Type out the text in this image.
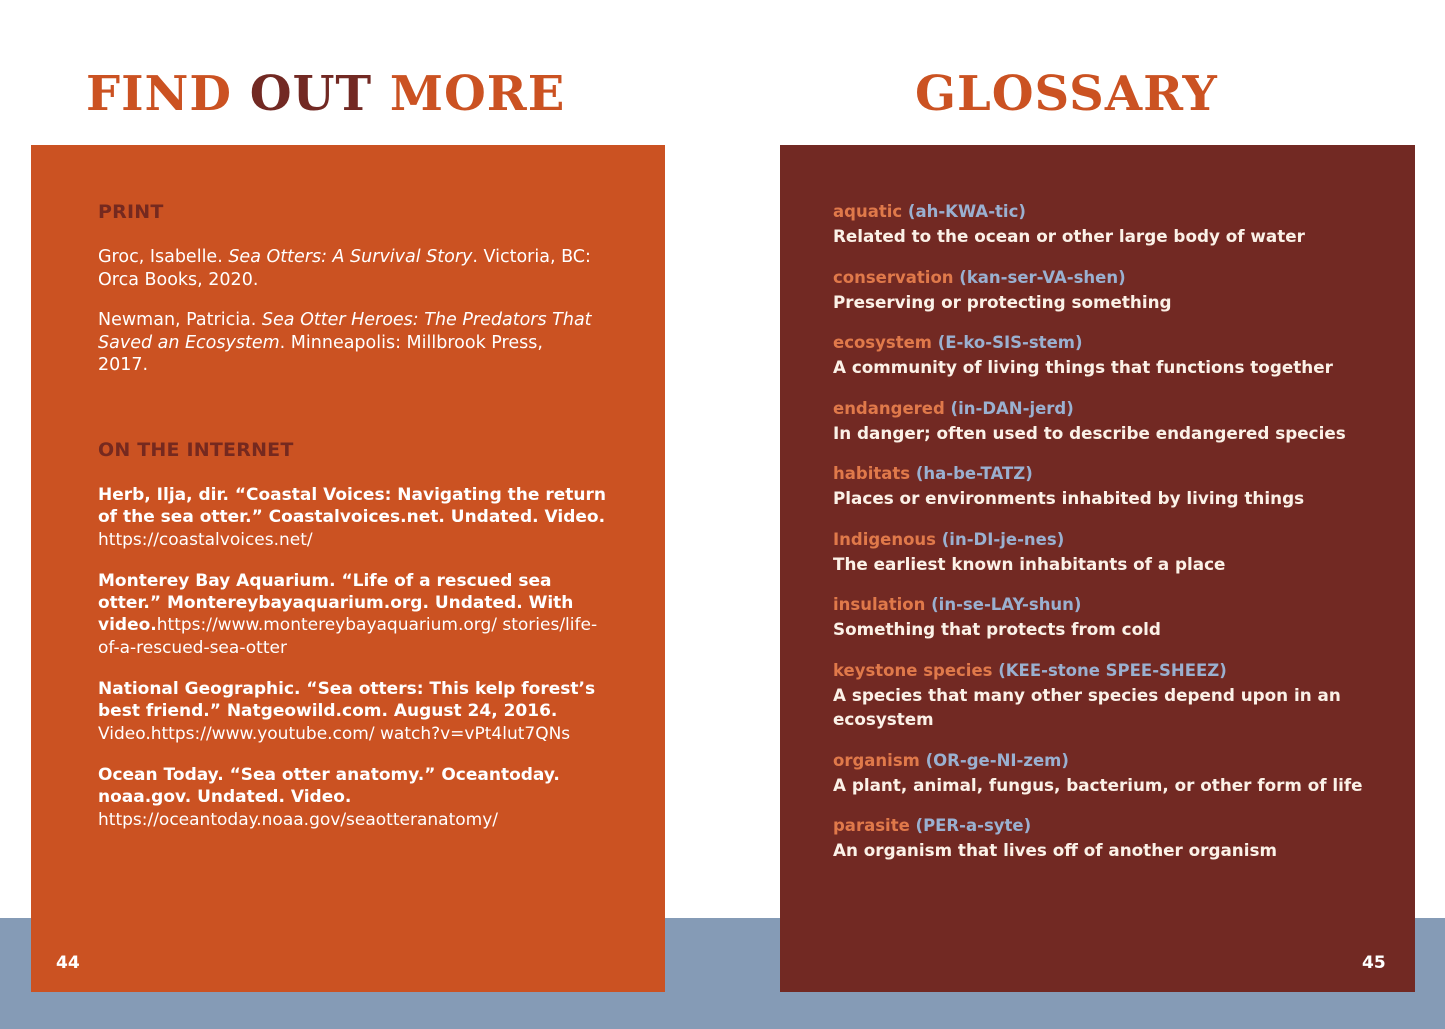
FIND OUT MORE
PRINT

Groc, Isabelle. Sea Otters: A Survival Story. Victoria, BC: Orca Books, 2020.

Newman, Patricia. Sea Otter Heroes: The Predators That Saved an Ecosystem. Minneapolis: Millbrook Press, 2017.

ON THE INTERNET

Herb, Ilja, dir. “Coastal Voices: Navigating the return of the sea otter.” Coastalvoices.net. Undated. Video. https://coastalvoices.net/

Monterey Bay Aquarium. “Life of a rescued sea otter.” Montereybayaquarium.org. Undated. With video.https://www.montereybayaquarium.org/ stories/life-of-a-rescued-sea-otter

National Geographic. “Sea otters: This kelp forest’s best friend.” Natgeowild.com. August 24, 2016. Video.https://www.youtube.com/ watch?v=vPt4lut7QNs

Ocean Today. “Sea otter anatomy.” Oceantoday. noaa.gov. Undated. Video. https://oceantoday.noaa.gov/seaotteranatomy/

44
GLOSSARY
aquatic (ah-KWA-tic)
Related to the ocean or other large body of water
conservation (kan-ser-VA-shen)
Preserving or protecting something
ecosystem (E-ko-SIS-stem)
A community of living things that functions together
endangered (in-DAN-jerd)
In danger; often used to describe endangered species
habitats (ha-be-TATZ)
Places or environments inhabited by living things
Indigenous (in-DI-je-nes)
The earliest known inhabitants of a place
insulation (in-se-LAY-shun)
Something that protects from cold
keystone species (KEE-stone SPEE-SHEEZ)
A species that many other species depend upon in an ecosystem
organism (OR-ge-NI-zem)
A plant, animal, fungus, bacterium, or other form of life
parasite (PER-a-syte)
An organism that lives off of another organism
45
